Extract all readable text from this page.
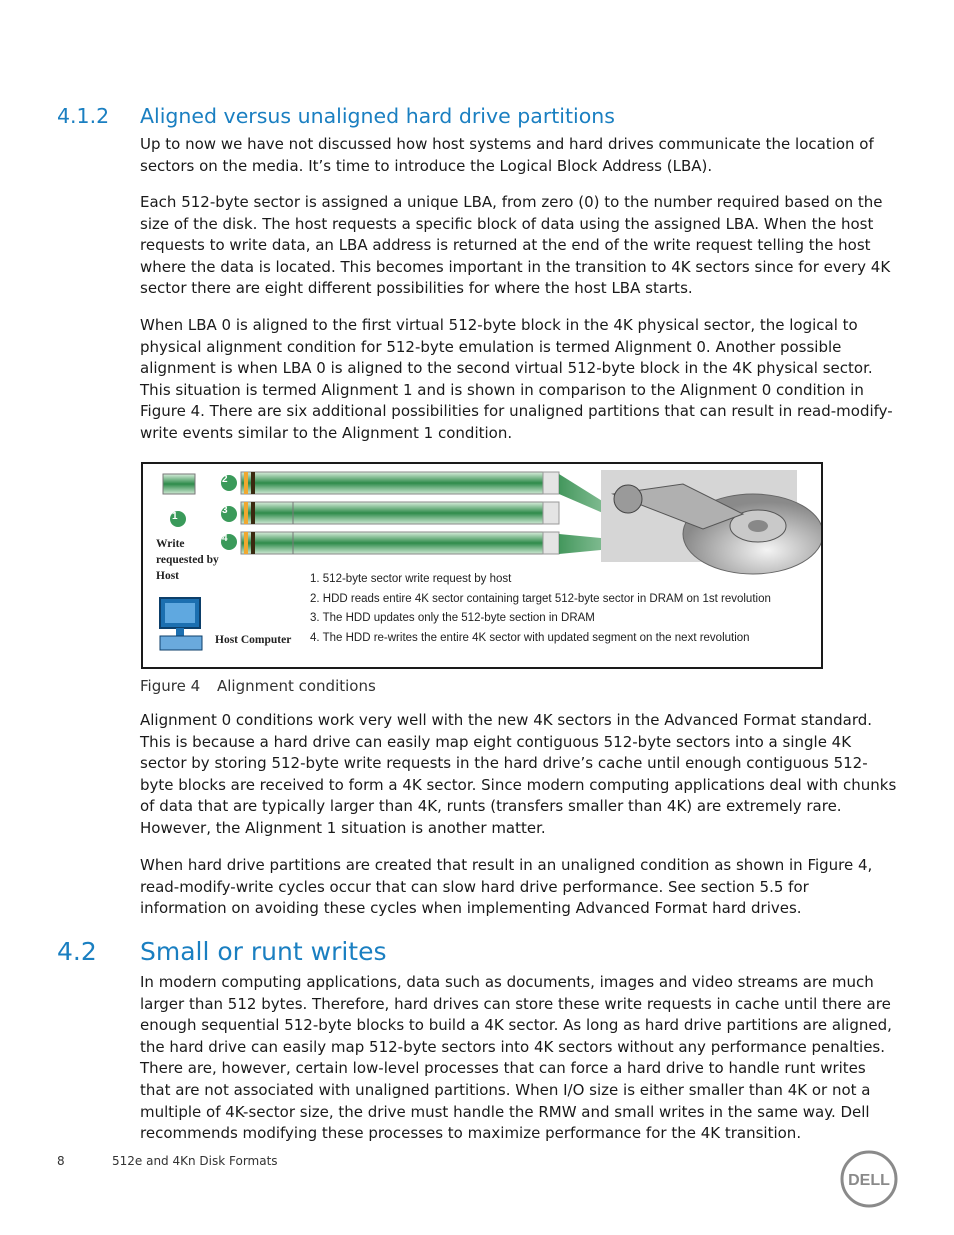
4.1.2 Aligned versus unaligned hard drive partitions

Up to now we have not discussed how host systems and hard drives communicate the location of sectors on the media. It’s time to introduce the Logical Block Address (LBA).

Each 512-byte sector is assigned a unique LBA, from zero (0) to the number required based on the size of the disk. The host requests a specific block of data using the assigned LBA. When the host requests to write data, an LBA address is returned at the end of the write request telling the host where the data is located. This becomes important in the transition to 4K sectors since for every 4K sector there are eight different possibilities for where the host LBA starts.

When LBA 0 is aligned to the first virtual 512-byte block in the 4K physical sector, the logical to physical alignment condition for 512-byte emulation is termed Alignment 0. Another possible alignment is when LBA 0 is aligned to the second virtual 512-byte block in the 4K physical sector. This situation is termed Alignment 1 and is shown in comparison to the Alignment 0 condition in Figure 4. There are six additional possibilities for unaligned partitions that can result in read-modify-write events similar to the Alignment 1 condition.

2
3
4
1
Write requested by Host
Host Computer
1. 512-byte sector write request by host
2. HDD reads entire 4K sector containing target 512-byte sector in DRAM on 1st revolution
3. The HDD updates only the 512-byte section in DRAM
4. The HDD re-writes the entire 4K sector with updated segment on the next revolution
Figure 4 Alignment conditions

Alignment 0 conditions work very well with the new 4K sectors in the Advanced Format standard. This is because a hard drive can easily map eight contiguous 512-byte sectors into a single 4K sector by storing 512-byte write requests in the hard drive’s cache until enough contiguous 512-byte blocks are received to form a 4K sector. Since modern computing applications deal with chunks of data that are typically larger than 4K, runts (transfers smaller than 4K) are extremely rare. However, the Alignment 1 situation is another matter.

When hard drive partitions are created that result in an unaligned condition as shown in Figure 4, read-modify-write cycles occur that can slow hard drive performance. See section 5.5 for information on avoiding these cycles when implementing Advanced Format hard drives.

4.2 Small or runt writes

In modern computing applications, data such as documents, images and video streams are much larger than 512 bytes. Therefore, hard drives can store these write requests in cache until there are enough sequential 512-byte blocks to build a 4K sector. As long as hard drive partitions are aligned, the hard drive can easily map 512-byte sectors into 4K sectors without any performance penalties. There are, however, certain low-level processes that can force a hard drive to handle runt writes that are not associated with unaligned partitions. When I/O size is either smaller than 4K or not a multiple of 4K-sector size, the drive must handle the RMW and small writes in the same way. Dell recommends modifying these processes to maximize performance for the 4K transition.

8	512e and 4Kn Disk Formats
DELL
